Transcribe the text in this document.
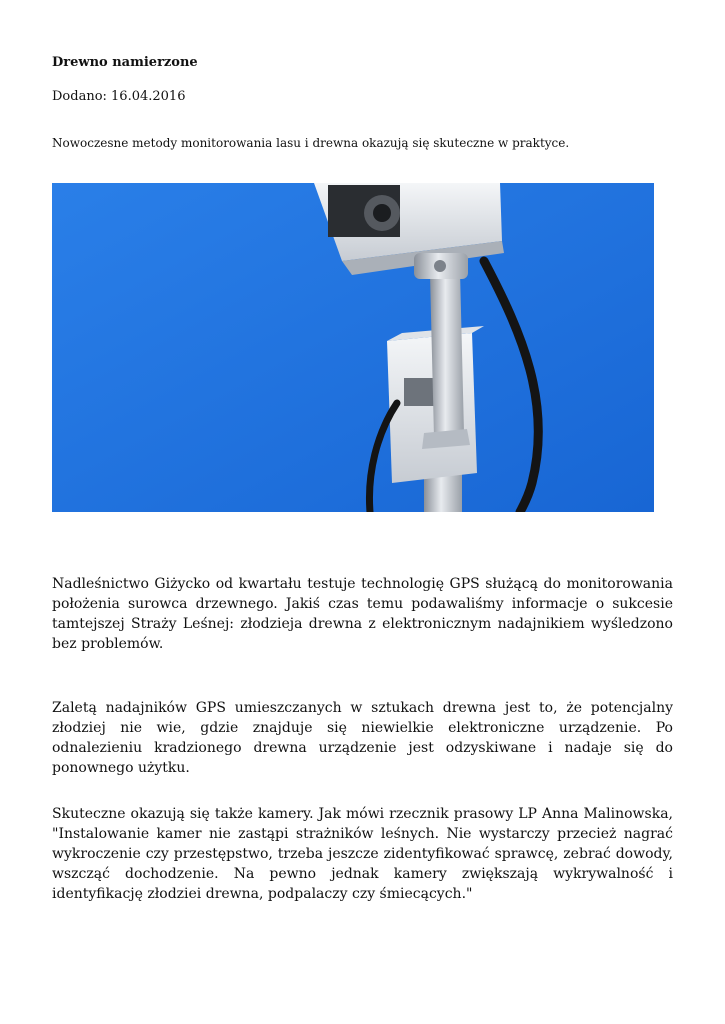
Drewno namierzone

Dodano: 16.04.2016

Nowoczesne metody monitorowania lasu i drewna okazują się skuteczne w praktyce.

Nadleśnictwo Giżycko od kwartału testuje technologię GPS służącą do monitorowania położenia surowca drzewnego. Jakiś czas temu podawaliśmy informacje o sukcesie tamtejszej Straży Leśnej: złodzieja drewna z elektronicznym nadajnikiem wyśledzono bez problemów.

Zaletą nadajników GPS umieszczanych w sztukach drewna jest to, że potencjalny złodziej nie wie, gdzie znajduje się niewielkie elektroniczne urządzenie. Po odnalezieniu kradzionego drewna urządzenie jest odzyskiwane i nadaje się do ponownego użytku.

Skuteczne okazują się także kamery. Jak mówi rzecznik prasowy LP Anna Malinowska, "Instalowanie kamer nie zastąpi strażników leśnych. Nie wystarczy przecież nagrać wykroczenie czy przestępstwo, trzeba jeszcze zidentyfikować sprawcę, zebrać dowody, wszcząć dochodzenie. Na pewno jednak kamery zwiększają wykrywalność i identyfikację złodziei drewna, podpalaczy czy śmiecących."
